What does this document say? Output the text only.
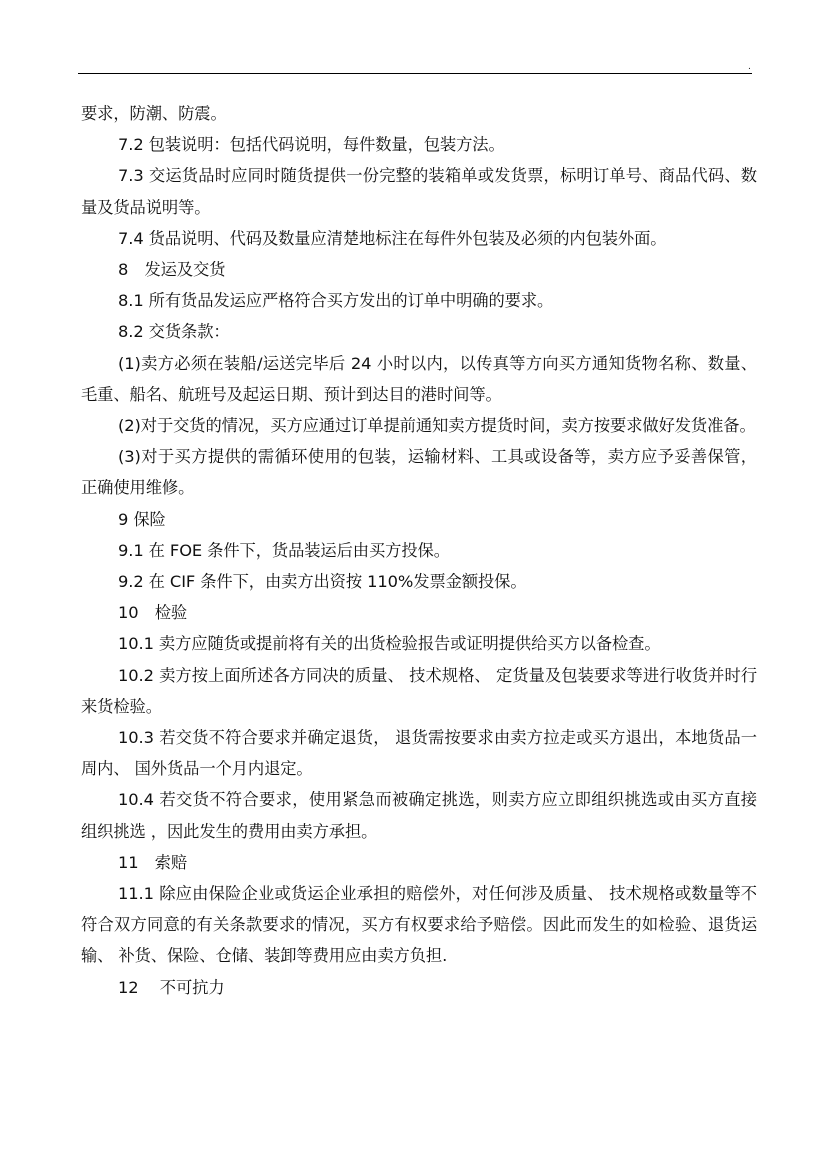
.

要求，防潮、防震。

7.2 包装说明：包括代码说明，每件数量，包装方法。

7.3 交运货品时应同时随货提供一份完整的装箱单或发货票，标明订单号、商品代码、数量及货品说明等。

7.4 货品说明、代码及数量应清楚地标注在每件外包装及必须的内包装外面。

8　发运及交货

8.1 所有货品发运应严格符合买方发出的订单中明确的要求。

8.2 交货条款：

(1)卖方必须在装船/运送完毕后 24 小时以内，以传真等方向买方通知货物名称、数量、毛重、船名、航班号及起运日期、预计到达目的港时间等。

(2)对于交货的情况，买方应通过订单提前通知卖方提货时间，卖方按要求做好发货准备。

(3)对于买方提供的需循环使用的包装，运输材料、工具或设备等，卖方应予妥善保管， 正确使用维修。

9 保险

9.1 在 FOE 条件下，货品装运后由买方投保。

9.2 在 CIF 条件下，由卖方出资按 110%发票金额投保。

10　检验

10.1 卖方应随货或提前将有关的出货检验报告或证明提供给买方以备检查。

10.2 卖方按上面所述各方同决的质量、 技术规格、 定货量及包装要求等进行收货并时行来货检验。

10.3 若交货不符合要求并确定退货， 退货需按要求由卖方拉走或买方退出，本地货品一周内、 国外货品一个月内退定。

10.4 若交货不符合要求，使用紧急而被确定挑选，则卖方应立即组织挑选或由买方直接组织挑选 ，因此发生的费用由卖方承担。

11　索赔

11.1 除应由保险企业或货运企业承担的赔偿外，对任何涉及质量、 技术规格或数量等不符合双方同意的有关条款要求的情况，买方有权要求给予赔偿。因此而发生的如检验、退货运输、 补货、保险、仓储、装卸等费用应由卖方负担.

12　 不可抗力
